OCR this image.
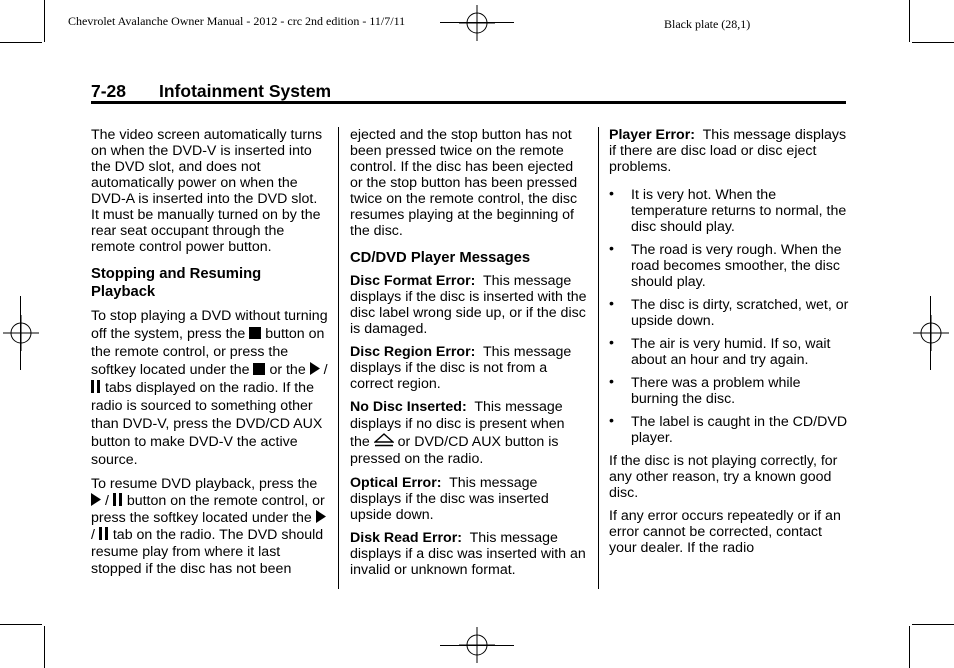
Chevrolet Avalanche Owner Manual - 2012 - crc 2nd edition - 11/7/11	Black plate (28,1)
7-28 Infotainment System

The video screen automatically turns on when the DVD-V is inserted into the DVD slot, and does not automatically power on when the DVD-A is inserted into the DVD slot. It must be manually turned on by the rear seat occupant through the remote control power button.

Stopping and Resuming Playback

To stop playing a DVD without turning off the system, press the button on the remote control, or press the softkey located under the or the /  tabs displayed on the radio. If the radio is sourced to something other than DVD-V, press the DVD/CD AUX button to make DVD-V the active source.

To resume DVD playback, press the  / button on the remote control, or press the softkey located under the  / tab on the radio. The DVD should resume play from where it last stopped if the disc has not been

ejected and the stop button has not been pressed twice on the remote control. If the disc has been ejected or the stop button has been pressed twice on the remote control, the disc resumes playing at the beginning of the disc.

CD/DVD Player Messages

Disc Format Error: This message displays if the disc is inserted with the disc label wrong side up, or if the disc is damaged.

Disc Region Error: This message displays if the disc is not from a correct region.

No Disc Inserted: This message displays if no disc is present when the or DVD/CD AUX button is pressed on the radio.

Optical Error: This message displays if the disc was inserted upside down.

Disk Read Error: This message displays if a disc was inserted with an invalid or unknown format.

Player Error: This message displays if there are disc load or disc eject problems.

• It is very hot. When the temperature returns to normal, the disc should play.
• The road is very rough. When the road becomes smoother, the disc should play.
• The disc is dirty, scratched, wet, or upside down.
• The air is very humid. If so, wait about an hour and try again.
• There was a problem while burning the disc.
• The label is caught in the CD/DVD player.

If the disc is not playing correctly, for any other reason, try a known good disc.

If any error occurs repeatedly or if an error cannot be corrected, contact your dealer. If the radio
